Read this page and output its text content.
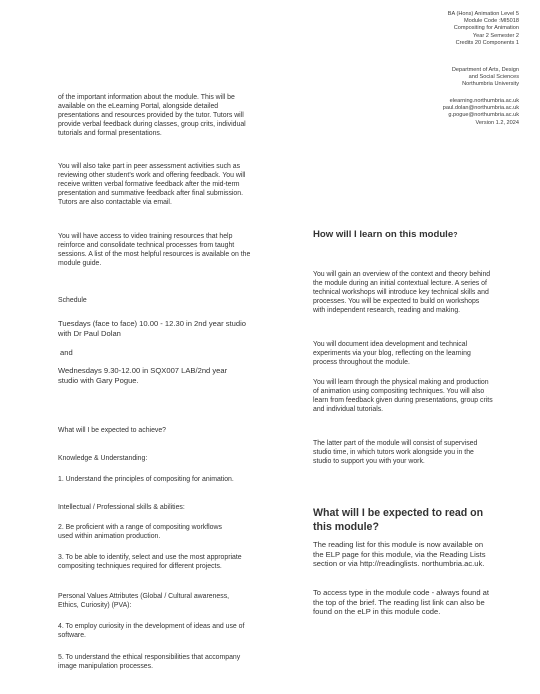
BA (Hons) Animation Level 5
Module Code :MI5018
Compositing for Animation
Year 2 Semester 2
Credits 20 Components 1
Department of Arts, Design
and Social Sciences
Northumbria University
elearning.northumbria.ac.uk
paul.dolan@northumbria.ac.uk
g.pogue@northumbria.ac.uk
Version 1.2, 2024

of the important information about the module. This will be available on the eLearning Portal, alongside detailed presentations and resources provided by the tutor. Tutors will provide verbal feedback during classes, group crits, individual tutorials and formal presentations.

You will also take part in peer assessment activities such as reviewing other student’s work and offering feedback. You will receive written verbal formative feedback after the mid-term presentation and summative feedback after final submission. Tutors are also contactable via email.

You will have access to video training resources that help reinforce and consolidate technical processes from taught sessions. A list of the most helpful resources is available on the module guide.

Schedule

Tuesdays (face to face) 10.00 - 12.30 in 2nd year studio with Dr Paul Dolan

and

Wednesdays 9.30-12.00 in SQX007 LAB/2nd year studio with Gary Pogue.

What will I be expected to achieve?

Knowledge & Understanding:

1. Understand the principles of compositing for animation.

Intellectual / Professional skills & abilities:

2. Be proficient with a range of compositing workflows used within animation production.

3. To be able to identify, select and use the most appropriate compositing techniques required for different projects.

Personal Values Attributes (Global / Cultural awareness, Ethics, Curiosity) (PVA):

4. To employ curiosity in the development of ideas and use of software.

5. To understand the ethical responsibilities that accompany image manipulation processes.

How will I learn on this module?

You will gain an overview of the context and theory behind the module during an initial contextual lecture. A series of technical workshops will introduce key technical skills and processes. You will be expected to build on workshops with independent research, reading and making.

You will document idea development and technical experiments via your blog, reflecting on the learning process throughout the module.

You will learn through the physical making and production of animation using compositing techniques. You will also learn from feedback given during presentations, group crits and individual tutorials.

The latter part of the module will consist of supervised studio time, in which tutors work alongside you in the studio to support you with your work.

What will I be expected to read on this module?

The reading list for this module is now available on the ELP page for this module, via the Reading Lists section or via http://readinglists. northumbria.ac.uk.

To access type in the module code - always found at the top of the brief. The reading list link can also be found on the eLP in this module code.
